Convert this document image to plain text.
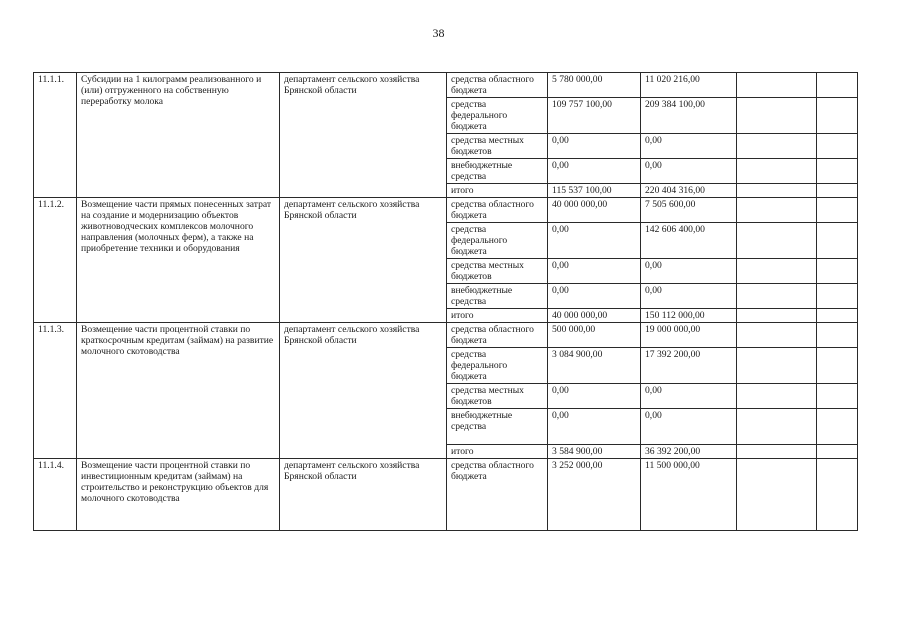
38
11.1.1.	Субсидии на 1 килограмм реализованного и (или) отгруженного на собственную переработку молока	департамент сельского хозяйства Брянской области	средства областного бюджета	5 780 000,00	11 020 216,00		
			средства федерального бюджета	109 757 100,00	209 384 100,00		
			средства местных бюджетов	0,00	0,00		
			внебюджетные средства	0,00	0,00		
			итого	115 537 100,00	220 404 316,00		
11.1.2.	Возмещение части прямых понесенных затрат на создание и модернизацию объектов животноводческих комплексов молочного направления (молочных ферм), а также на приобретение техники и оборудования	департамент сельского хозяйства Брянской области	средства областного бюджета	40 000 000,00	7 505 600,00		
			средства федерального бюджета	0,00	142 606 400,00		
			средства местных бюджетов	0,00	0,00		
			внебюджетные средства	0,00	0,00		
			итого	40 000 000,00	150 112 000,00		
11.1.3.	Возмещение части процентной ставки по краткосрочным кредитам (займам) на развитие молочного скотоводства	департамент сельского хозяйства Брянской области	средства областного бюджета	500 000,00	19 000 000,00		
			средства федерального бюджета	3 084 900,00	17 392 200,00		
			средства местных бюджетов	0,00	0,00		
			внебюджетные средства	0,00	0,00		
			итого	3 584 900,00	36 392 200,00		
11.1.4.	Возмещение части процентной ставки по инвестиционным кредитам (займам) на строительство и реконструкцию объектов для молочного скотоводства	департамент сельского хозяйства Брянской области	средства областного бюджета	3 252 000,00	11 500 000,00		
